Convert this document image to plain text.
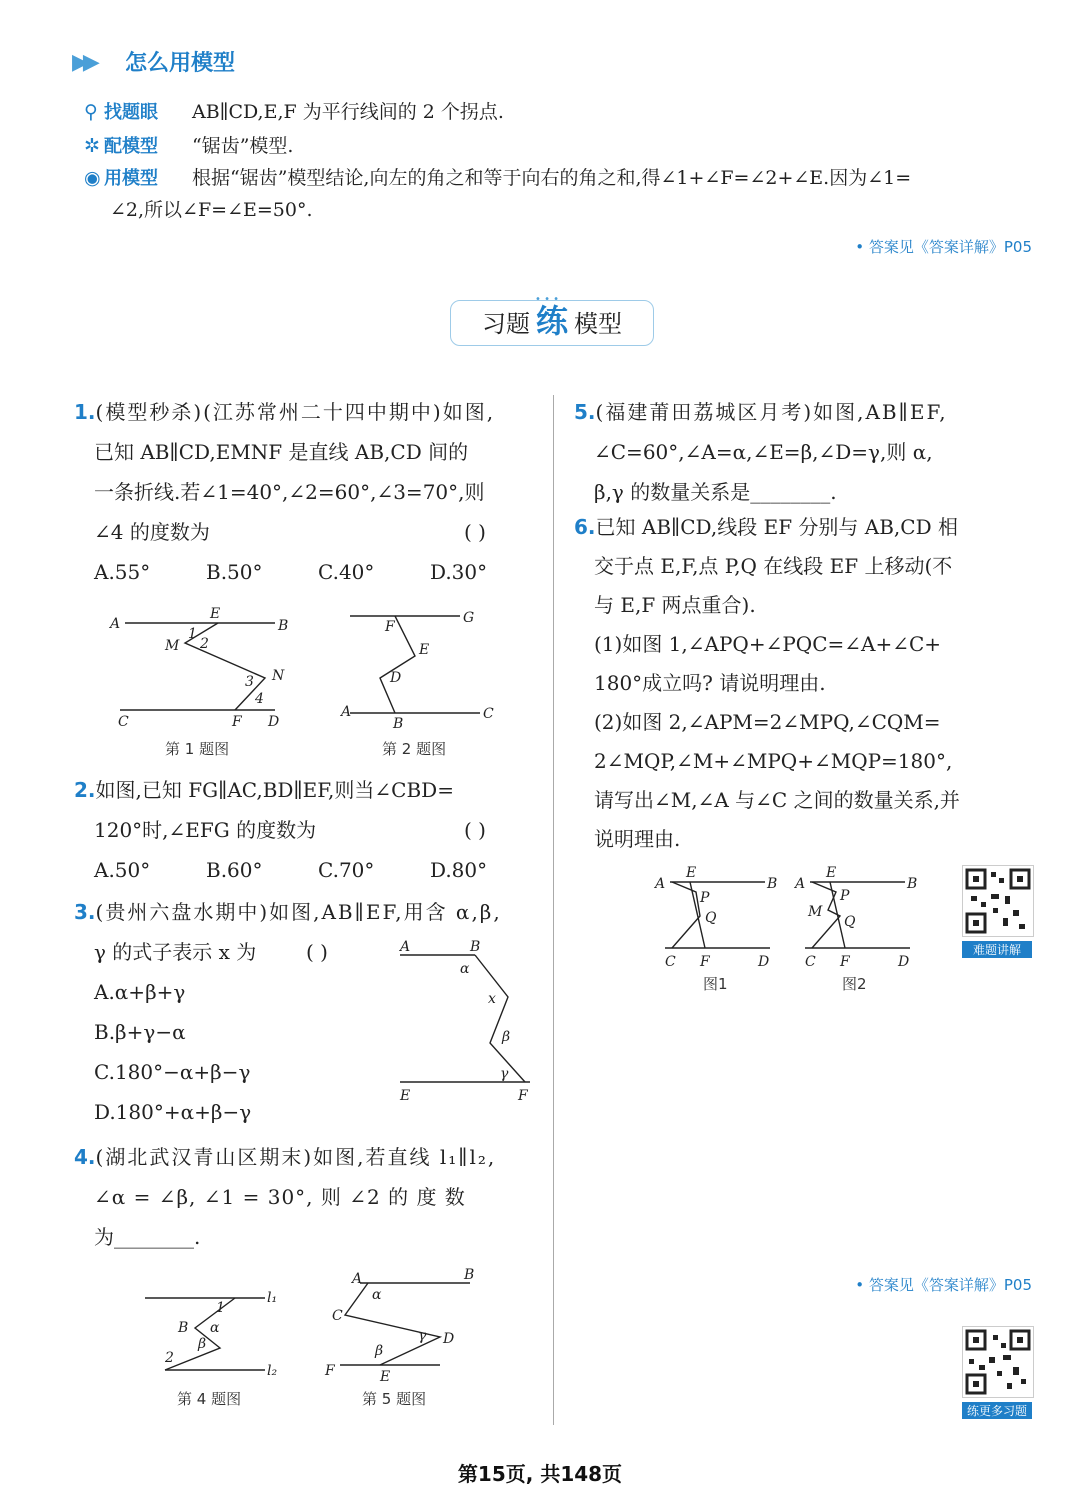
▶▶ 怎么用模型
⚲ 找题眼 AB∥CD,E,F 为平行线间的 2 个拐点.
✲ 配模型 “锯齿”模型.
◉ 用模型 根据“锯齿”模型结论,向左的角之和等于向右的角之和,得∠1+∠F=∠2+∠E.因为∠1=
∠2,所以∠F=∠E=50°.
• 答案见《答案详解》P05
习题 练 模型
1.(模型秒杀)(江苏常州二十四中期中)如图,
已知 AB∥CD,EMNF 是直线 AB,CD 间的
一条折线.若∠1=40°,∠2=60°,∠3=70°,则
∠4 的度数为	( )
A.55°	B.50°	C.40°	D.30°
A	B
E
M
1
2
3 N
4
C	F D
G
F
E
D
A
B
C
第 1 题图	第 2 题图
2.如图,已知 FG∥AC,BD∥EF,则当∠CBD=
120°时,∠EFG 的度数为	( )
A.50°	B.60°	C.70°	D.80°
3.(贵州六盘水期中)如图,AB∥EF,用含 α,β,
γ 的式子表示 x 为 ( )
A.α+β+γ
B.β+γ−α
C.180°−α+β−γ
D.180°+α+β−γ
A	B
α
x
β
γ
E	F
4.(湖北武汉青山区期末)如图,若直线 l₁∥l₂,
∠α = ∠β, ∠1 = 30°, 则 ∠2 的 度 数
为________.
l₁
l₂
1
B α
β
2
A	B
α
C
D
γ
β
F	E
第 4 题图	第 5 题图
5.(福建莆田荔城区月考)如图,AB∥EF,
∠C=60°,∠A=α,∠E=β,∠D=γ,则 α,
β,γ 的数量关系是________.
6.已知 AB∥CD,线段 EF 分别与 AB,CD 相
交于点 E,F,点 P,Q 在线段 EF 上移动(不
与 E,F 两点重合).
(1)如图 1,∠APQ+∠PQC=∠A+∠C+
180°成立吗? 请说明理由.
(2)如图 2,∠APM=2∠MPQ,∠CQM=
2∠MQP,∠M+∠MPQ+∠MQP=180°,
请写出∠M,∠A 与∠C 之间的数量关系,并
说明理由.
A	B
E
P
Q
C F	D
A	B
E
P
M
Q
C F	D
图1	图2
难题讲解
• 答案见《答案详解》P05
练更多习题
第15页, 共148页
